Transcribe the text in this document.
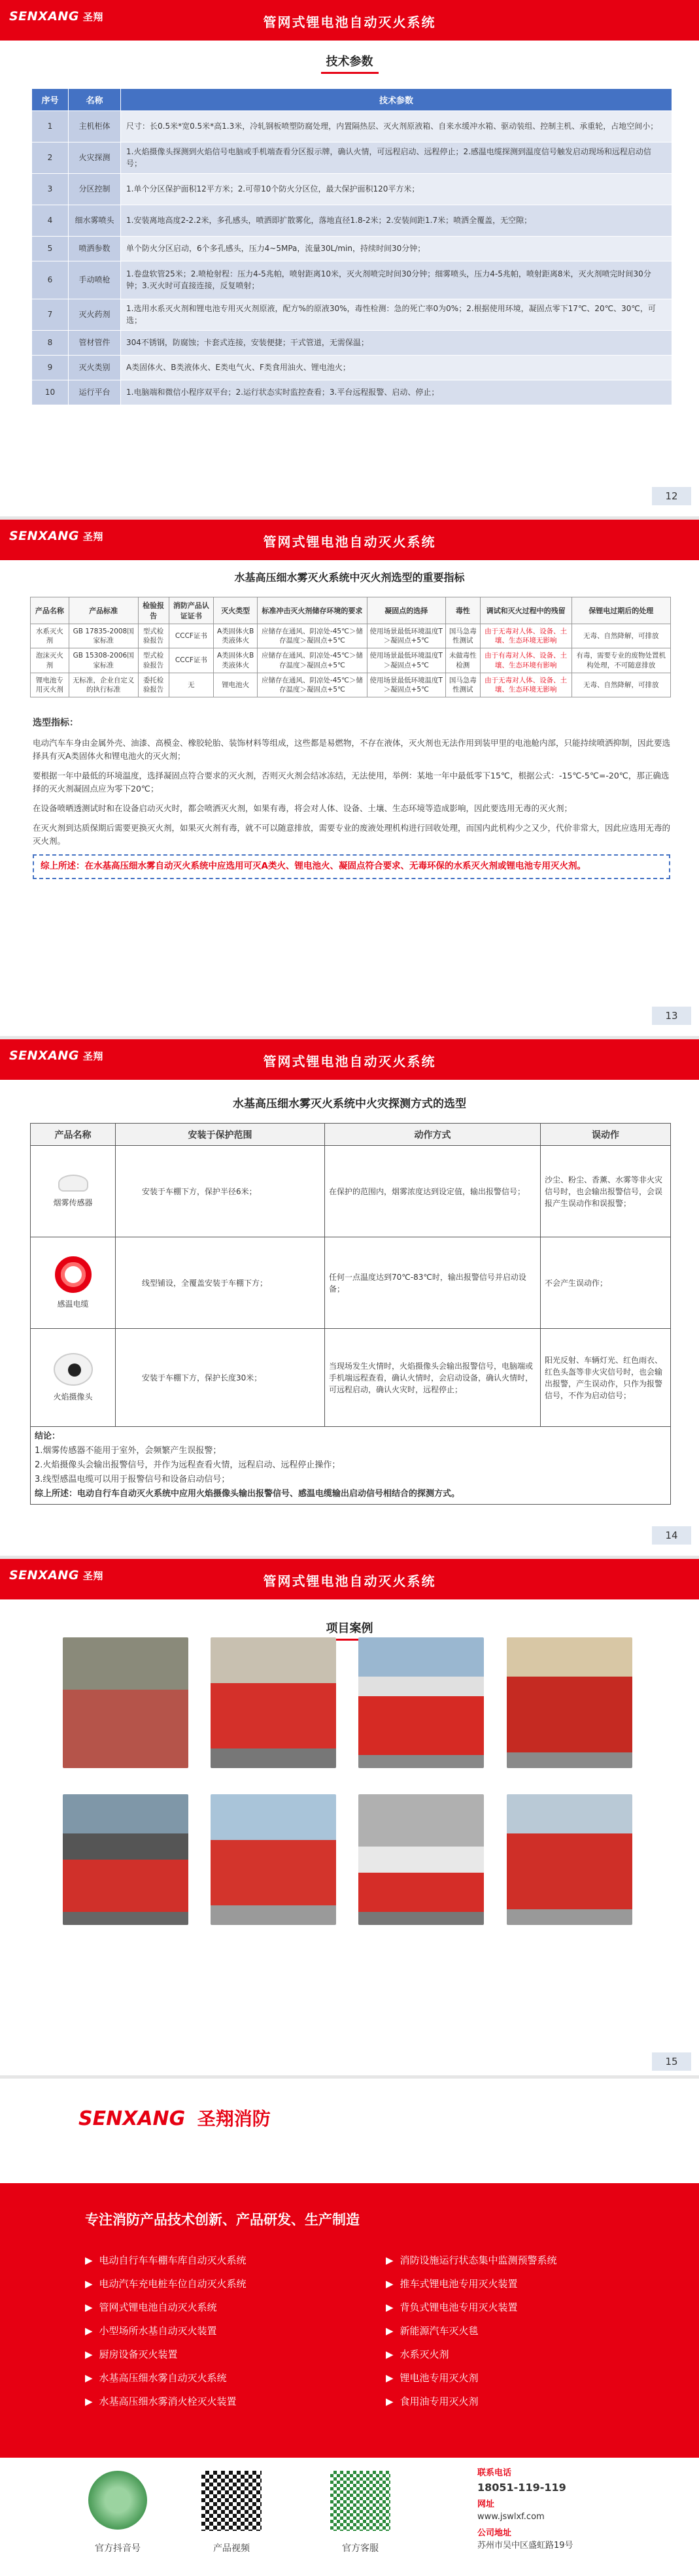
SENXANG 圣翔	管网式锂电池自动灭火系统
技术参数
序号	名称	技术参数
1	主机柜体	尺寸：长0.5米*宽0.5米*高1.3米，冷轧钢板喷塑防腐处理，内置隔热层、灭火剂原液箱、自来水缓冲水箱、驱动装组、控制主机、承重轮，占地空间小；
2	火灾探测	1.火焰摄像头探测到火焰信号电脑或手机端查看分区报示牌，确认火情，可远程启动、远程停止；2.感温电缆探测到温度信号触发启动现场和远程启动信号；
3	分区控制	1.单个分区保护面积12平方米；2.可带10个防火分区位，最大保护面积120平方米；
4	细水雾喷头	1.安装离地高度2-2.2米，多孔感头，喷洒即扩散雾化，落地直径1.8-2米；2.安装间距1.7米；喷洒全覆盖，无空隙；
5	喷洒参数	单个防火分区启动，6个多孔感头，压力4~5MPa，流量30L/min，持续时间30分钟；
6	手动喷枪	1.卷盘软管25米；2.喷枪射程：压力4-5兆帕，喷射距离10米，灭火剂喷完时间30分钟；细雾喷头，压力4-5兆帕，喷射距离8米，灭火剂喷完时间30分钟；3.灭火时可直接连接，反复喷射；
7	灭火药剂	1.选用水系灭火剂和锂电池专用灭火剂原液，配方%的原液30%，毒性检测：急的死亡率0为0%；2.根据使用环境，凝固点零下17℃、20℃、30℃，可选；
8	管材管件	304不锈钢，防腐蚀；卡套式连接，安装便捷；干式管道，无需保温；
9	灭火类别	A类固体火、B类液体火、E类电气火、F类食用油火、锂电池火；
10	运行平台	1.电脑端和微信小程序双平台；2.运行状态实时监控查看；3.平台远程报警、启动、停止；
12
SENXANG 圣翔	管网式锂电池自动灭火系统
水基高压细水雾灭火系统中灭火剂选型的重要指标
产品名称	产品标准	检验报告	消防产品认证证书	灭火类型	标准冲击灭火剂储存环境的要求	凝固点的选择	毒性	调试和灭火过程中的残留	保锂电过期后的处理
水系灭火剂	GB 17835-2008国家标准	型式检验报告	CCCF证书	A类固体火B类液体火	应储存在通风、阴凉处-45℃＞储存温度＞凝固点+5℃	使用场景最低环境温度T＞凝固点+5℃	国马急毒性测试	由于无毒对人体、设备、土壤、生态环境无影响	无毒、自然降解，可排放
泡沫灭火剂	GB 15308-2006国家标准	型式检验报告	CCCF证书	A类固体火B类液体火	应储存在通风、阴凉处-45℃＞储存温度＞凝固点+5℃	使用场景最低环境温度T＞凝固点+5℃	未做毒性检测	由于有毒对人体、设备、土壤、生态环境有影响	有毒，需要专业的废物处置机构处理，不可随意排放
锂电池专用灭火剂	无标准，企业自定义的执行标准	委托检验报告	无	锂电池火	应储存在通风、阴凉处-45℃＞储存温度＞凝固点+5℃	使用场景最低环境温度T＞凝固点+5℃	国马急毒性测试	由于无毒对人体、设备、土壤、生态环境无影响	无毒、自然降解，可排放
选型指标：

电动汽车车身由金属外壳、油漆、高模金、橡胶轮胎、装饰材料等组成，这些都是易燃物，不存在液体，灭火剂也无法作用到装甲里的电池舱内部，只能持续喷洒抑制，因此要选择具有灭A类固体火和锂电池火的灭火剂；

要根据一年中最低的环境温度，选择凝固点符合要求的灭火剂，否则灭火剂会结冰冻结，无法使用，举例：某地一年中最低零下15℃，根据公式：-15℃-5℃=-20℃，那正确选择的灭火剂凝固点应为零下20℃；

在设备喷晒透测试时和在设备启动灭火时，都会喷洒灭火剂，如果有毒，将会对人体、设备、土壤、生态环境等造成影响，因此要选用无毒的灭火剂；

在灭火剂到达质保期后需要更换灭火剂，如果灭火剂有毒，就不可以随意排放，需要专业的废液处理机构进行回收处理，而国内此机构少之又少，代价非常大，因此应选用无毒的灭火剂。

综上所述：在水基高压细水雾自动灭火系统中应选用可灭A类火、锂电池火、凝固点符合要求、无毒环保的水系灭火剂或锂电池专用灭火剂。
13
SENXANG 圣翔	管网式锂电池自动灭火系统
水基高压细水雾灭火系统中火灾探测方式的选型
产品名称	安装于保护范围	动作方式	误动作

烟雾传感器	安装于车棚下方，保护半径6米；	在保护的范围内，烟雾浓度达到设定值，输出报警信号；	沙尘、粉尘、香薰、水雾等非火灾信号时，也会输出报警信号，会误报产生误动作和误报警；

感温电缆	线型铺设，全覆盖安装于车棚下方；	任何一点温度达到70℃-83℃时，输出报警信号并启动设备；	不会产生误动作；

火焰摄像头	安装于车棚下方，保护长度30米；	当现场发生火情时，火焰摄像头会输出报警信号，电脑端或手机端远程查看，确认火情时，会启动设备，确认火情时，可远程启动，确认火灾时，远程停止；	阳光反射、车辆灯光、红色雨衣、红色头盔等非火灾信号时，也会输出报警，产生误动作，只作为报警信号，不作为启动信号；
结论：
1.烟雾传感器不能用于室外，会频繁产生误报警；
2.火焰摄像头会输出报警信号，并作为远程查看火情，远程启动、远程停止操作；
3.线型感温电缆可以用于报警信号和设备启动信号；
综上所述：电动自行车自动灭火系统中应用火焰摄像头输出报警信号、感温电缆输出启动信号相结合的探测方式。
14
SENXANG 圣翔	管网式锂电池自动灭火系统
项目案例
15
SENXANG 圣翔消防
专注消防产品技术创新、产品研发、生产制造
▶ 电动自行车车棚车库自动灭火系统
▶ 电动汽车充电桩车位自动灭火系统
▶ 管网式锂电池自动灭火系统
▶ 小型场所水基自动灭火装置
▶ 厨房设备灭火装置
▶ 水基高压细水雾自动灭火系统
▶ 水基高压细水雾消火栓灭火装置
▶ 消防设施运行状态集中监测预警系统
▶ 推车式锂电池专用灭火装置
▶ 背负式锂电池专用灭火装置
▶ 新能源汽车灭火毯
▶ 水系灭火剂
▶ 锂电池专用灭火剂
▶ 食用油专用灭火剂
官方抖音号	产品视频	官方客服
联系电话
18051-119-119
网址
www.jswlxf.com
公司地址
苏州市吴中区盛虹路19号
